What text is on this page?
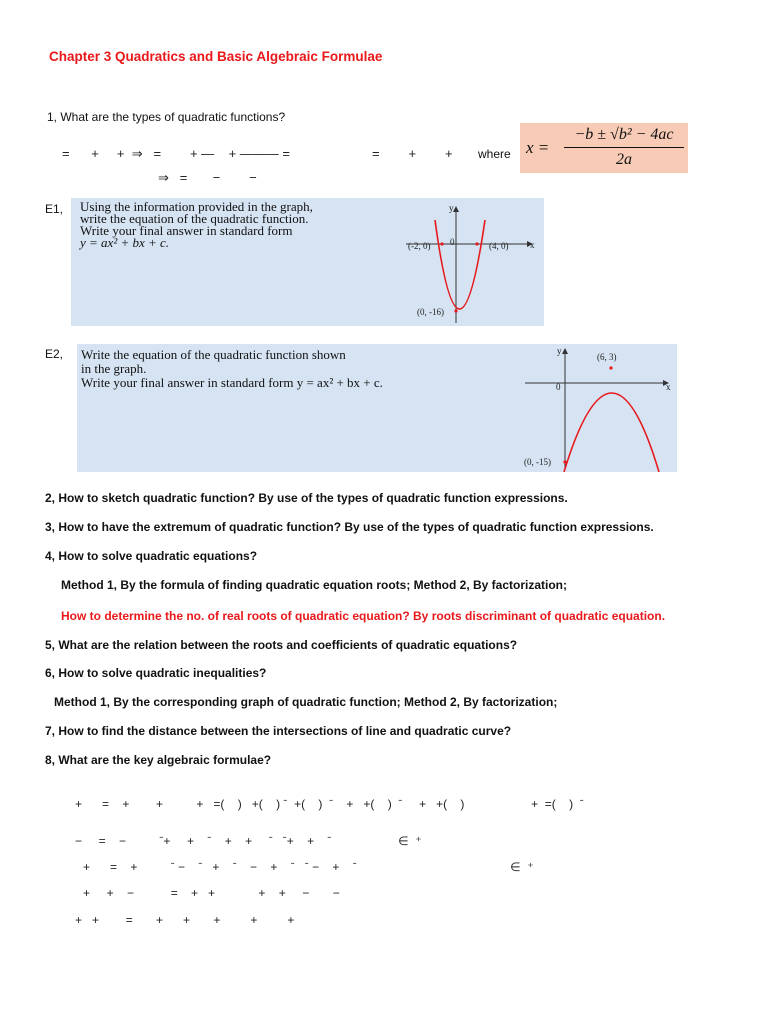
Chapter 3 Quadratics and Basic Algebraic Formulae
1, What are the types of quadratic functions?
=      +     +  ⇒   =        + —    + ——— =	=        +        +
⇒   =       −        −
where x =
−b ± √b² − 4ac
2a
E1, Using the information provided in the graph,
write the equation of the quadratic function.
Write your final answer in standard form
y = ax² + bx + c.
y
x
0
(-2, 0)	(4, 0)
(0, -16)
E2, Write the equation of the quadratic function shown
in the graph.
Write your final answer in standard form y = ax² + bx + c.
y
x
0
(6, 3)
(0, -15)
2, How to sketch quadratic function? By use of the types of quadratic function expressions.
3, How to have the extremum of quadratic function? By use of the types of quadratic function expressions.
4, How to solve quadratic equations?
Method 1, By the formula of finding quadratic equation roots; Method 2, By factorization;
How to determine the no. of real roots of quadratic equation? By roots discriminant of quadratic equation.
5, What are the relation between the roots and coefficients of quadratic equations?
6, How to solve quadratic inequalities?
Method 1, By the corresponding graph of quadratic function; Method 2, By factorization;
7, How to find the distance between the intersections of line and quadratic curve?
8, What are the key algebraic formulae?
+      =    +        +          +   =(    )   +(    ) ˉ  +(    )  ˉ    +   +(    )  ˉ     +   +(    )                    +  =(    )  ˉ
−     =    −          ˉ+     +    ˉ    +    +     ˉ   ˉ+    +    ˉ                    ∈  ⁺
+      =    +          ˉ −    ˉ   +    ˉ    −    +    ˉ   ˉ −    +    ˉ                                              ∈  ⁺
+     +    −           =    +   +             +    +     −       −
+   +        =       +      +       +         +         +
